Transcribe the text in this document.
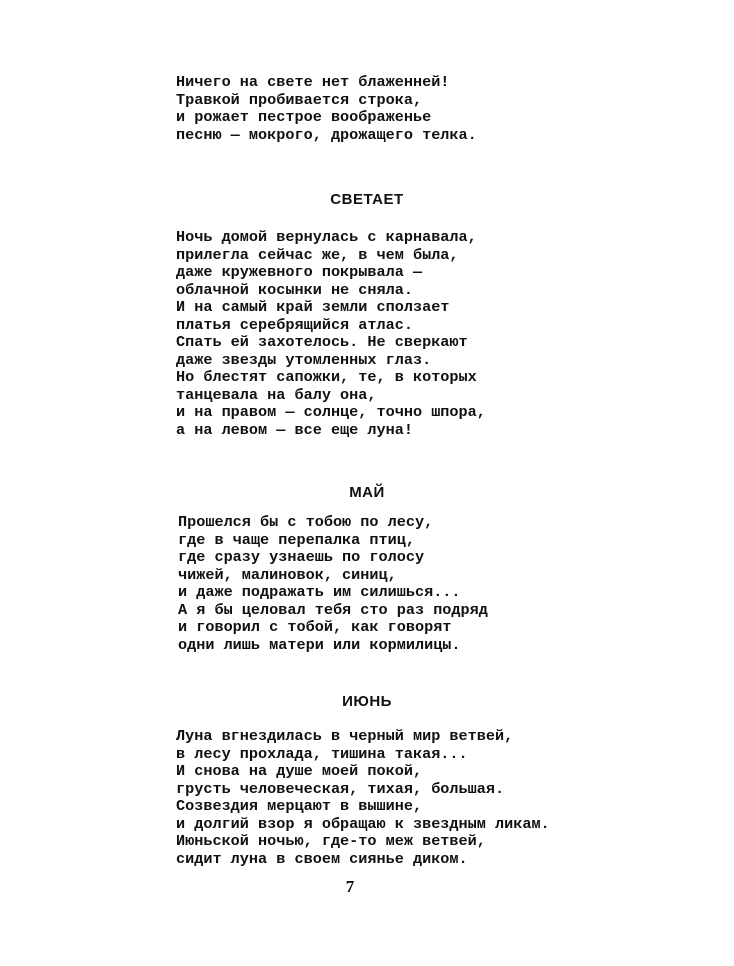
Ничего на свете нет блаженней!
Травкой пробивается строка,
и рожает пестрое воображенье
песню — мокрого, дрожащего телка.
СВЕТАЕТ
Ночь домой вернулась с карнавала,
прилегла сейчас же, в чем была,
даже кружевного покрывала —
облачной косынки не сняла.
И на самый край земли сползает
платья серебрящийся атлас.
Спать ей захотелось. Не сверкают
даже звезды утомленных глаз.
Но блестят сапожки, те, в которых
танцевала на балу она,
и на правом — солнце, точно шпора,
а на левом — все еще луна!
МАЙ
Прошелся бы с тобою по лесу,
где в чаще перепалка птиц,
где сразу узнаешь по голосу
чижей, малиновок, синиц,
и даже подражать им силишься...
А я бы целовал тебя сто раз подряд
и говорил с тобой, как говорят
одни лишь матери или кормилицы.
ИЮНЬ
Луна вгнездилась в черный мир ветвей,
в лесу прохлада, тишина такая...
И снова на душе моей покой,
грусть человеческая, тихая, большая.
Созвездия мерцают в вышине,
и долгий взор я обращаю к звездным ликам.
Июньской ночью, где-то меж ветвей,
сидит луна в своем сиянье диком.
7
